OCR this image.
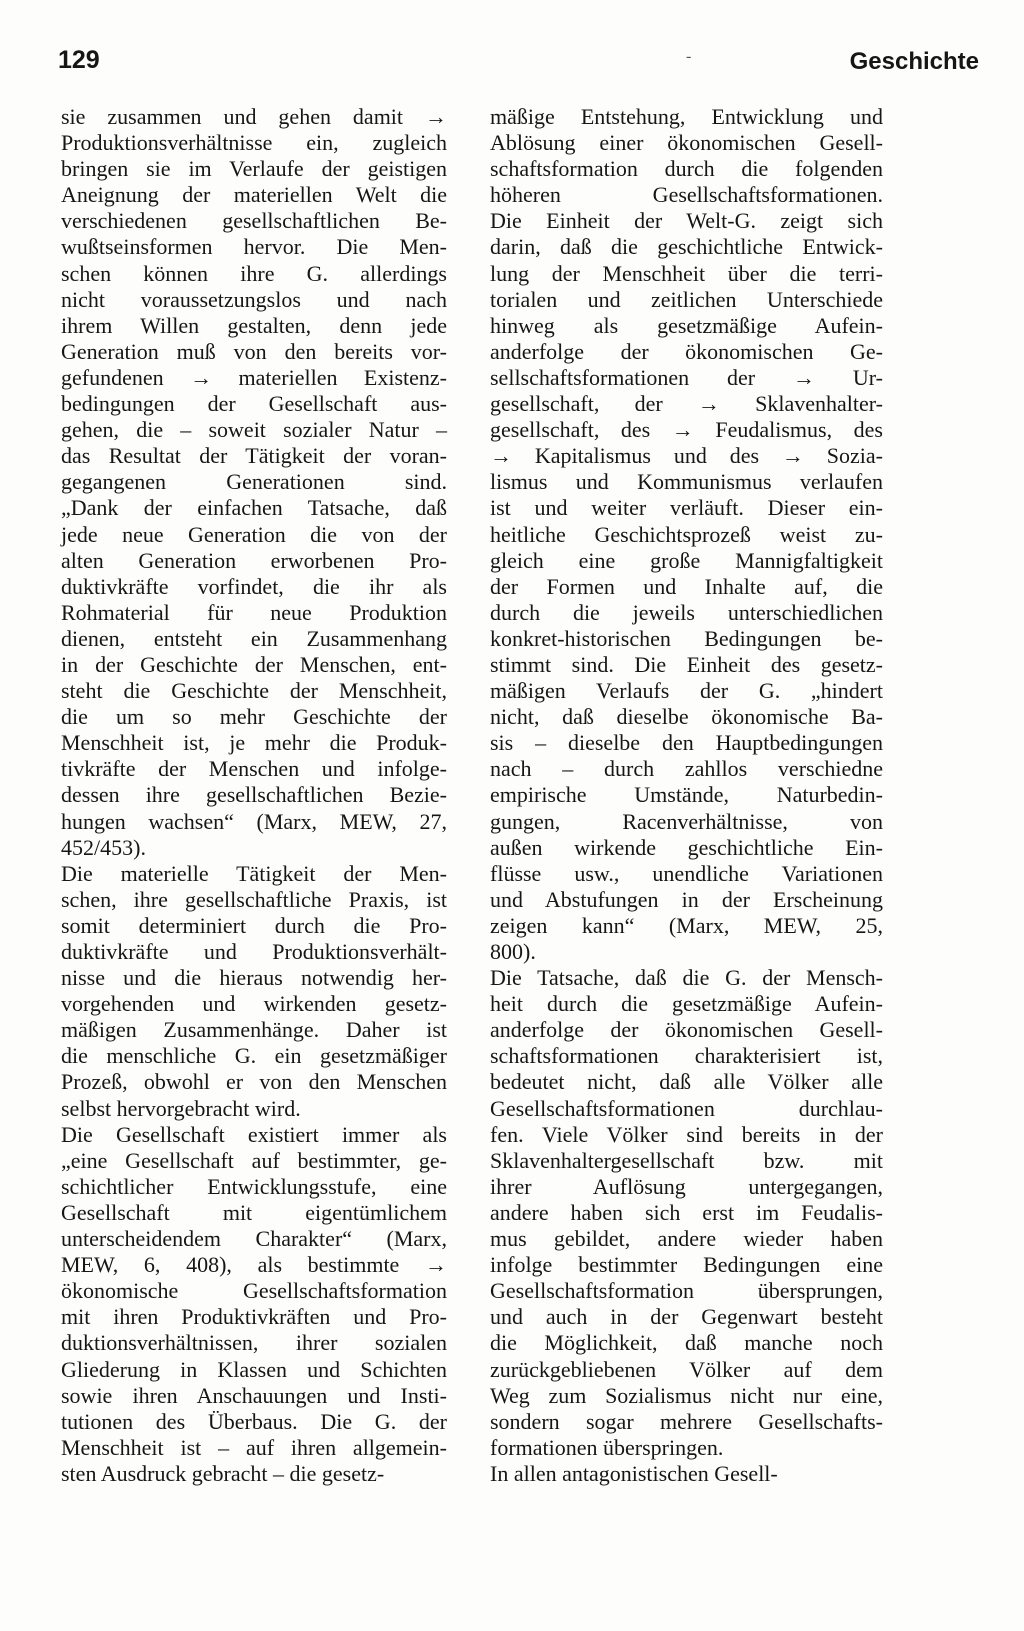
129	-	Geschichte
sie zusammen und gehen damit →
Produktionsverhältnisse ein, zugleich
bringen sie im Verlaufe der geistigen
Aneignung der materiellen Welt die
verschiedenen gesellschaftlichen Be-
wußtseinsformen hervor. Die Men-
schen können ihre G. allerdings
nicht voraussetzungslos und nach
ihrem Willen gestalten, denn jede
Generation muß von den bereits vor-
gefundenen → materiellen Existenz-
bedingungen der Gesellschaft aus-
gehen, die – soweit sozialer Natur –
das Resultat der Tätigkeit der voran-
gegangenen Generationen sind.
„Dank der einfachen Tatsache, daß
jede neue Generation die von der
alten Generation erworbenen Pro-
duktivkräfte vorfindet, die ihr als
Rohmaterial für neue Produktion
dienen, entsteht ein Zusammenhang
in der Geschichte der Menschen, ent-
steht die Geschichte der Menschheit,
die um so mehr Geschichte der
Menschheit ist, je mehr die Produk-
tivkräfte der Menschen und infolge-
dessen ihre gesellschaftlichen Bezie-
hungen wachsen“ (Marx, MEW, 27,
452/453).
Die materielle Tätigkeit der Men-
schen, ihre gesellschaftliche Praxis, ist
somit determiniert durch die Pro-
duktivkräfte und Produktionsverhält-
nisse und die hieraus notwendig her-
vorgehenden und wirkenden gesetz-
mäßigen Zusammenhänge. Daher ist
die menschliche G. ein gesetzmäßiger
Prozeß, obwohl er von den Menschen
selbst hervorgebracht wird.
Die Gesellschaft existiert immer als
„eine Gesellschaft auf bestimmter, ge-
schichtlicher Entwicklungsstufe, eine
Gesellschaft mit eigentümlichem
unterscheidendem Charakter“ (Marx,
MEW, 6, 408), als bestimmte →
ökonomische Gesellschaftsformation
mit ihren Produktivkräften und Pro-
duktionsverhältnissen, ihrer sozialen
Gliederung in Klassen und Schichten
sowie ihren Anschauungen und Insti-
tutionen des Überbaus. Die G. der
Menschheit ist – auf ihren allgemein-
sten Ausdruck gebracht – die gesetz-
mäßige Entstehung, Entwicklung und
Ablösung einer ökonomischen Gesell-
schaftsformation durch die folgenden
höheren Gesellschaftsformationen.
Die Einheit der Welt-G. zeigt sich
darin, daß die geschichtliche Entwick-
lung der Menschheit über die terri-
torialen und zeitlichen Unterschiede
hinweg als gesetzmäßige Aufein-
anderfolge der ökonomischen Ge-
sellschaftsformationen der → Ur-
gesellschaft, der → Sklavenhalter-
gesellschaft, des → Feudalismus, des
→ Kapitalismus und des → Sozia-
lismus und Kommunismus verlaufen
ist und weiter verläuft. Dieser ein-
heitliche Geschichtsprozeß weist zu-
gleich eine große Mannigfaltigkeit
der Formen und Inhalte auf, die
durch die jeweils unterschiedlichen
konkret-historischen Bedingungen be-
stimmt sind. Die Einheit des gesetz-
mäßigen Verlaufs der G. „hindert
nicht, daß dieselbe ökonomische Ba-
sis – dieselbe den Hauptbedingungen
nach – durch zahllos verschiedne
empirische Umstände, Naturbedin-
gungen, Racenverhältnisse, von
außen wirkende geschichtliche Ein-
flüsse usw., unendliche Variationen
und Abstufungen in der Erscheinung
zeigen kann“ (Marx, MEW, 25,
800).
Die Tatsache, daß die G. der Mensch-
heit durch die gesetzmäßige Aufein-
anderfolge der ökonomischen Gesell-
schaftsformationen charakterisiert ist,
bedeutet nicht, daß alle Völker alle
Gesellschaftsformationen durchlau-
fen. Viele Völker sind bereits in der
Sklavenhaltergesellschaft bzw. mit
ihrer Auflösung untergegangen,
andere haben sich erst im Feudalis-
mus gebildet, andere wieder haben
infolge bestimmter Bedingungen eine
Gesellschaftsformation übersprungen,
und auch in der Gegenwart besteht
die Möglichkeit, daß manche noch
zurückgebliebenen Völker auf dem
Weg zum Sozialismus nicht nur eine,
sondern sogar mehrere Gesellschafts-
formationen überspringen.
In allen antagonistischen Gesell-
